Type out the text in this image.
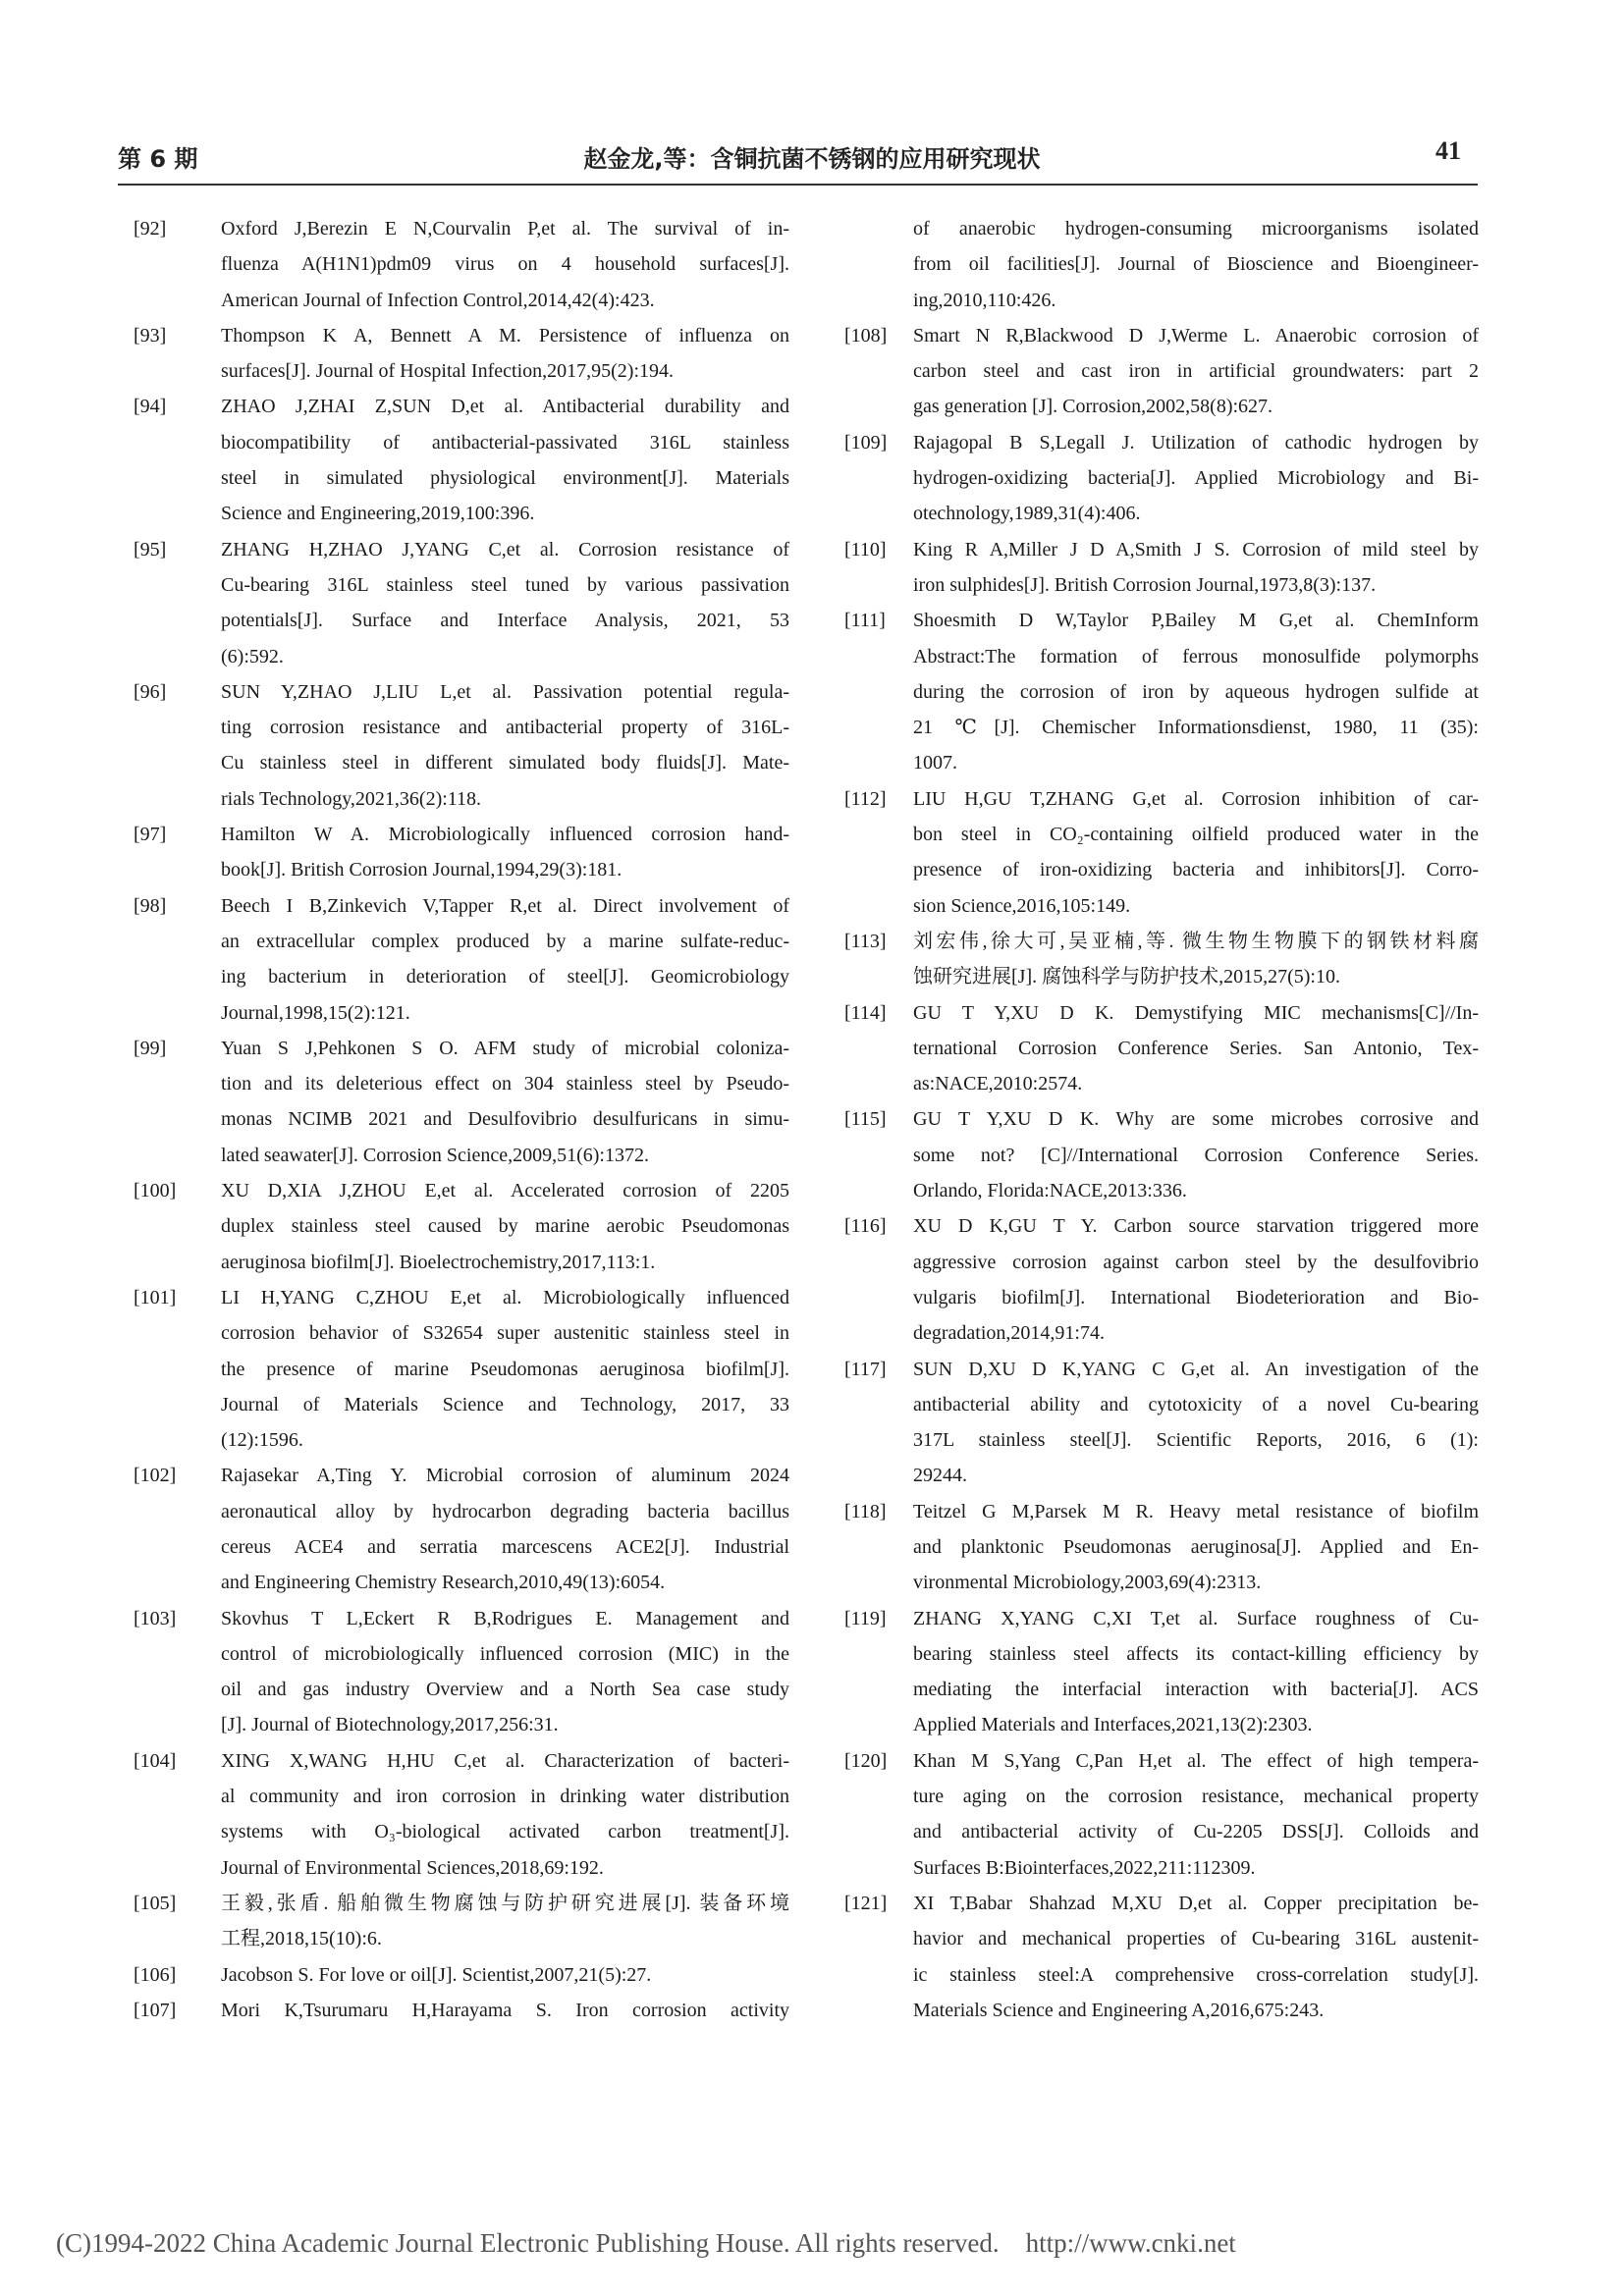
第 6 期	赵金龙,等：含铜抗菌不锈钢的应用研究现状	41
[92]	Oxford J,Berezin E N,Courvalin P,et al. The survival of in-
fluenza A(H1N1)pdm09 virus on 4 household surfaces[J].
American Journal of Infection Control,2014,42(4):423.
[93]	Thompson K A, Bennett A M. Persistence of influenza on
surfaces[J]. Journal of Hospital Infection,2017,95(2):194.
[94]	ZHAO J,ZHAI Z,SUN D,et al. Antibacterial durability and
biocompatibility of antibacterial-passivated 316L stainless
steel in simulated physiological environment[J]. Materials
Science and Engineering,2019,100:396.
[95]	ZHANG H,ZHAO J,YANG C,et al. Corrosion resistance of
Cu-bearing 316L stainless steel tuned by various passivation
potentials[J]. Surface and Interface Analysis, 2021, 53
(6):592.
[96]	SUN Y,ZHAO J,LIU L,et al. Passivation potential regula-
ting corrosion resistance and antibacterial property of 316L-
Cu stainless steel in different simulated body fluids[J]. Mate-
rials Technology,2021,36(2):118.
[97]	Hamilton W A. Microbiologically influenced corrosion hand-
book[J]. British Corrosion Journal,1994,29(3):181.
[98]	Beech I B,Zinkevich V,Tapper R,et al. Direct involvement of
an extracellular complex produced by a marine sulfate-reduc-
ing bacterium in deterioration of steel[J]. Geomicrobiology
Journal,1998,15(2):121.
[99]	Yuan S J,Pehkonen S O. AFM study of microbial coloniza-
tion and its deleterious effect on 304 stainless steel by Pseudo-
monas NCIMB 2021 and Desulfovibrio desulfuricans in simu-
lated seawater[J]. Corrosion Science,2009,51(6):1372.
[100] XU D,XIA J,ZHOU E,et al. Accelerated corrosion of 2205
duplex stainless steel caused by marine aerobic Pseudomonas
aeruginosa biofilm[J]. Bioelectrochemistry,2017,113:1.
[101] LI H,YANG C,ZHOU E,et al. Microbiologically influenced
corrosion behavior of S32654 super austenitic stainless steel in
the presence of marine Pseudomonas aeruginosa biofilm[J].
Journal of Materials Science and Technology, 2017, 33
(12):1596.
[102] Rajasekar A,Ting Y. Microbial corrosion of aluminum 2024
aeronautical alloy by hydrocarbon degrading bacteria bacillus
cereus ACE4 and serratia marcescens ACE2[J]. Industrial
and Engineering Chemistry Research,2010,49(13):6054.
[103] Skovhus T L,Eckert R B,Rodrigues E. Management and
control of microbiologically influenced corrosion (MIC) in the
oil and gas industry Overview and a North Sea case study
[J]. Journal of Biotechnology,2017,256:31.
[104] XING X,WANG H,HU C,et al. Characterization of bacteri-
al community and iron corrosion in drinking water distribution
systems with O₃-biological activated carbon treatment[J].
Journal of Environmental Sciences,2018,69:192.
[105] 王毅,张盾. 船舶微生物腐蚀与防护研究进展[J]. 装备环境
工程,2018,15(10):6.
[106] Jacobson S. For love or oil[J]. Scientist,2007,21(5):27.
[107] Mori K,Tsurumaru H,Harayama S. Iron corrosion activity
of anaerobic hydrogen-consuming microorganisms isolated
from oil facilities[J]. Journal of Bioscience and Bioengineer-
ing,2010,110:426.
[108] Smart N R,Blackwood D J,Werme L. Anaerobic corrosion of
carbon steel and cast iron in artificial groundwaters: part 2
gas generation [J]. Corrosion,2002,58(8):627.
[109] Rajagopal B S,Legall J. Utilization of cathodic hydrogen by
hydrogen-oxidizing bacteria[J]. Applied Microbiology and Bi-
otechnology,1989,31(4):406.
[110] King R A,Miller J D A,Smith J S. Corrosion of mild steel by
iron sulphides[J]. British Corrosion Journal,1973,8(3):137.
[111] Shoesmith D W,Taylor P,Bailey M G,et al. ChemInform
Abstract:The formation of ferrous monosulfide polymorphs
during the corrosion of iron by aqueous hydrogen sulfide at
21 ℃[J]. Chemischer Informationsdienst, 1980, 11 (35):
1007.
[112] LIU H,GU T,ZHANG G,et al. Corrosion inhibition of car-
bon steel in CO₂-containing oilfield produced water in the
presence of iron-oxidizing bacteria and inhibitors[J]. Corro-
sion Science,2016,105:149.
[113] 刘宏伟,徐大可,吴亚楠,等. 微生物生物膜下的钢铁材料腐
蚀研究进展[J]. 腐蚀科学与防护技术,2015,27(5):10.
[114] GU T Y,XU D K. Demystifying MIC mechanisms[C]//In-
ternational Corrosion Conference Series. San Antonio, Tex-
as:NACE,2010:2574.
[115] GU T Y,XU D K. Why are some microbes corrosive and
some not? [C]//International Corrosion Conference Series.
Orlando, Florida:NACE,2013:336.
[116] XU D K,GU T Y. Carbon source starvation triggered more
aggressive corrosion against carbon steel by the desulfovibrio
vulgaris biofilm[J]. International Biodeterioration and Bio-
degradation,2014,91:74.
[117] SUN D,XU D K,YANG C G,et al. An investigation of the
antibacterial ability and cytotoxicity of a novel Cu-bearing
317L stainless steel[J]. Scientific Reports, 2016, 6 (1):
29244.
[118] Teitzel G M,Parsek M R. Heavy metal resistance of biofilm
and planktonic Pseudomonas aeruginosa[J]. Applied and En-
vironmental Microbiology,2003,69(4):2313.
[119] ZHANG X,YANG C,XI T,et al. Surface roughness of Cu-
bearing stainless steel affects its contact-killing efficiency by
mediating the interfacial interaction with bacteria[J]. ACS
Applied Materials and Interfaces,2021,13(2):2303.
[120] Khan M S,Yang C,Pan H,et al. The effect of high tempera-
ture aging on the corrosion resistance, mechanical property
and antibacterial activity of Cu-2205 DSS[J]. Colloids and
Surfaces B:Biointerfaces,2022,211:112309.
[121] XI T,Babar Shahzad M,XU D,et al. Copper precipitation be-
havior and mechanical properties of Cu-bearing 316L austenit-
ic stainless steel:A comprehensive cross-correlation study[J].
Materials Science and Engineering A,2016,675:243.
(C)1994-2022 China Academic Journal Electronic Publishing House. All rights reserved. http://www.cnki.net
